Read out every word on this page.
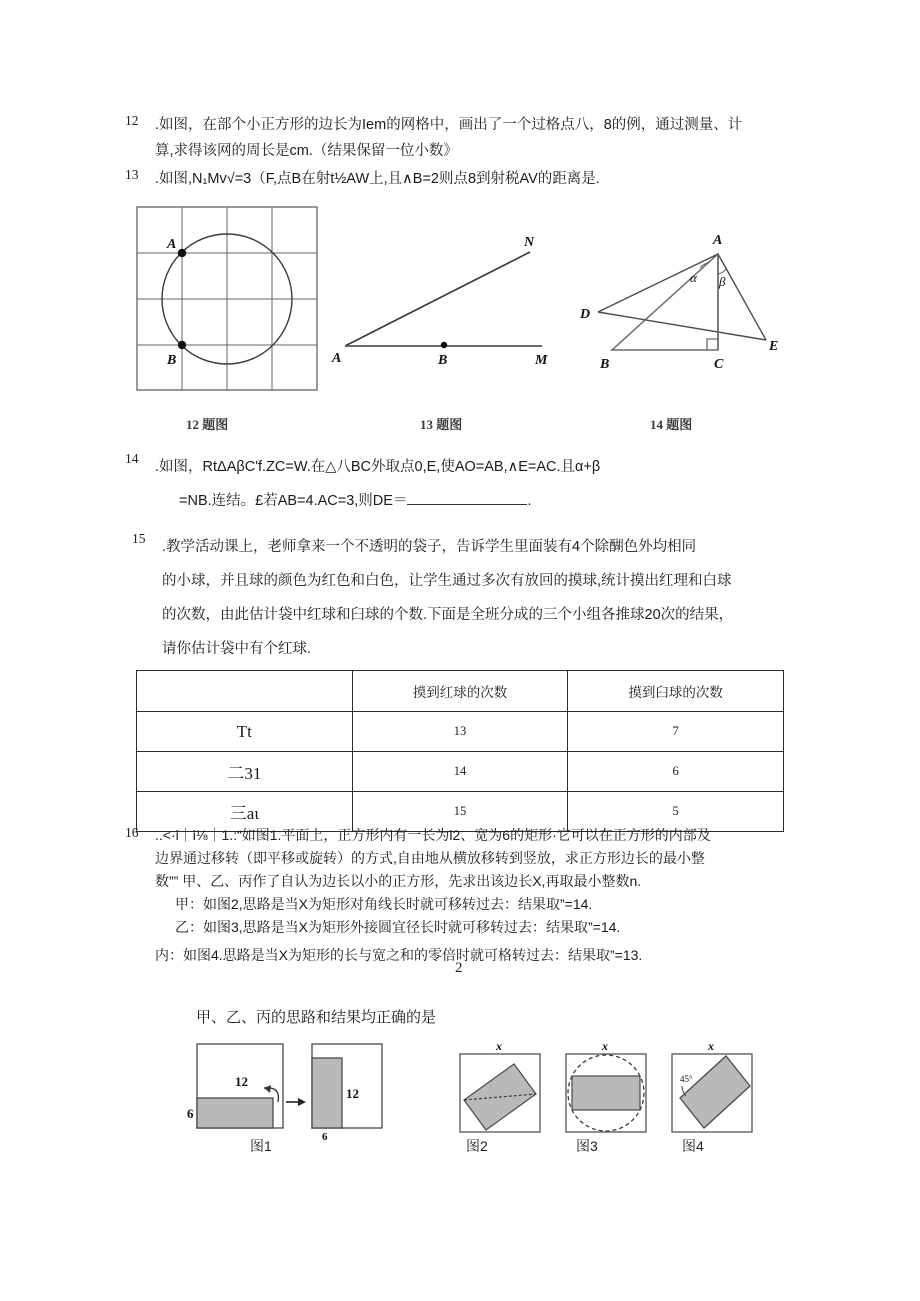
12	.如图，在部个小正方形的边长为Iem的网格中，画出了一个过格点八，8的例，通过测量、计
算,求得该网的周长是cm.（结果保留一位小数》
13	.如图,N₁Mv√=3（F,点B在射t½AW上,且∧B=2则点8到射税AV的距离是.
A
B	A	B	M
N
α β
A
D
B	C
E
12 题图	13 题图	14 题图
14
.如图，RtΔAβC'f.ZC=W.在△八BC外取点0,E,使AO=AB,∧E=AC.且α+β
=NB.连结。£若AB=4.AC=3,则DE＝	.
15
.教学活动课上，老师拿来一个不透明的袋子，告诉学生里面装有4个除醐色外均相同
的小球，并且球的颜色为红色和白色，让学生通过多次有放回的摸球,统计摸出红理和白球
的次数，由此估计袋中红球和臼球的个数.下面是全班分成的三个小组各推球20次的结果，
请你估计袋中有个红球.
	摸到红球的次数	摸到臼球的次数
Tt	13	7
二31	14	6
三aι	15	5
16	..<·i｜i⅛｜1.:“如图1.平面上，正方形内有一长为l2、宽为6的矩形·它可以在正方形的内部及
边界通过移转（即平移或旋转）的方式,自由地从横放移转到竖放，求正方形边长的最小整
数”” 甲、乙、丙作了自认为边长以小的正方形，先求出该边长X,再取最小整数n.
甲：如图2,思路是当X为矩形对角线长时就可移转过去：结果取”=14.
乙：如图3,思路是当X为矩形外接圆宜径长时就可移转过去：结果取”=14.
内：如图4.思路是当X为矩形的长与宽之和的零倍时就可格转过去：结果取”=13.
2
甲、乙、丙的思路和结果均正确的是
12
6
12
6
x	x	x
45°
图1	图2	图3	图4
